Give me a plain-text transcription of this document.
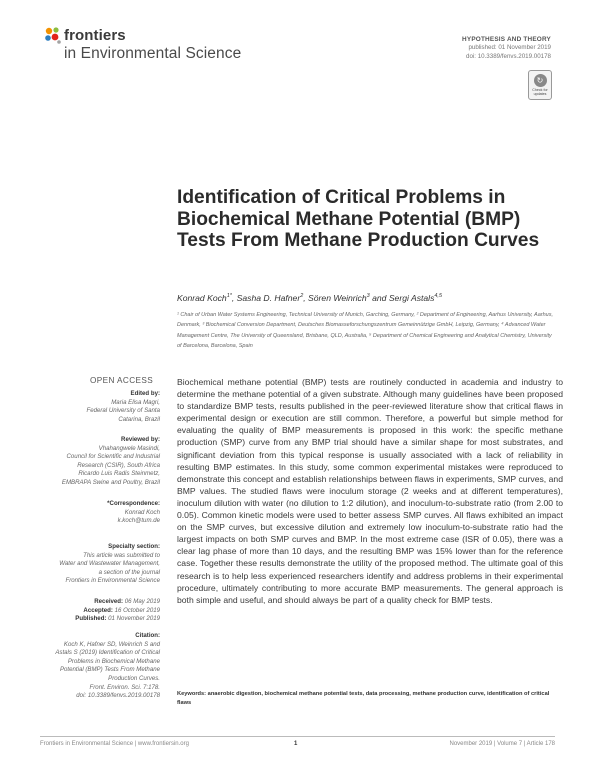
frontiers
in Environmental Science
HYPOTHESIS AND THEORY
published: 01 November 2019
doi: 10.3389/fenvs.2019.00178
↻
Check for
updates
Identification of Critical Problems in Biochemical Methane Potential (BMP) Tests From Methane Production Curves
Konrad Koch$^{1*}$, Sasha D. Hafner$^2$, Sören Weinrich$^3$ and Sergi Astals$^{4,5}$
¹ Chair of Urban Water Systems Engineering, Technical University of Munich, Garching, Germany, ² Department of Engineering, Aarhus University, Aarhus, Denmark, ³ Biochemical Conversion Department, Deutsches Biomasseforschungszentrum Gemeinnützige GmbH, Leipzig, Germany, ⁴ Advanced Water Management Centre, The University of Queensland, Brisbane, QLD, Australia, ⁵ Department of Chemical Engineering and Analytical Chemistry, University of Barcelona, Barcelona, Spain
OPEN ACCESS
Edited by:
Maria Elisa Magri,
Federal University of Santa
Catarina, Brazil
Reviewed by:
Vhahangwele Masindi,
Council for Scientific and Industrial
Research (CSIR), South Africa
Ricardo Luis Radis Steinmetz,
EMBRAPA Swine and Poultry, Brazil
*Correspondence:
Konrad Koch
k.koch@tum.de
Specialty section:
This article was submitted to
Water and Wastewater Management,
a section of the journal
Frontiers in Environmental Science
Received: 06 May 2019
Accepted: 16 October 2019
Published: 01 November 2019
Citation:
Koch K, Hafner SD, Weinrich S and
Astals S (2019) Identification of Critical
Problems in Biochemical Methane
Potential (BMP) Tests From Methane
Production Curves.
Front. Environ. Sci. 7:178.
doi: 10.3389/fenvs.2019.00178

Biochemical methane potential (BMP) tests are routinely conducted in academia and industry to determine the methane potential of a given substrate. Although many guidelines have been proposed to standardize BMP tests, results published in the peer-reviewed literature show that critical flaws in experimental design or execution are still common. Therefore, a powerful but simple method for evaluating the quality of BMP measurements is proposed in this work: the specific methane production (SMP) curve from any BMP trial should have a similar shape for most substrates, and significant deviation from this typical response is usually associated with a lack of reliability in resulting BMP estimates. In this study, some common experimental mistakes were reproduced to demonstrate this concept and establish relationships between flaws in experiments, SMP curves, and BMP values. The studied flaws were inoculum storage (2 weeks and at different temperatures), inoculum dilution with water (no dilution to 1:2 dilution), and inoculum-to-substrate ratio (from 2.00 to 0.05). Common kinetic models were used to better assess SMP curves. All flaws exhibited an impact on the SMP curves, but excessive dilution and extremely low inoculum-to-substrate ratio had the largest impacts on both SMP curves and BMP. In the most extreme case (ISR of 0.05), there was a clear lag phase of more than 10 days, and the resulting BMP was 15% lower than for the reference case. Together these results demonstrate the utility of the proposed method. The ultimate goal of this research is to help less experienced researchers identify and address problems in their experimental procedure, ultimately contributing to more accurate BMP measurements. The general approach is both simple and useful, and should always be part of a quality check for BMP tests.

Keywords: anaerobic digestion, biochemical methane potential tests, data processing, methane production curve, identification of critical flaws
Frontiers in Environmental Science | www.frontiersin.org	1	November 2019 | Volume 7 | Article 178
